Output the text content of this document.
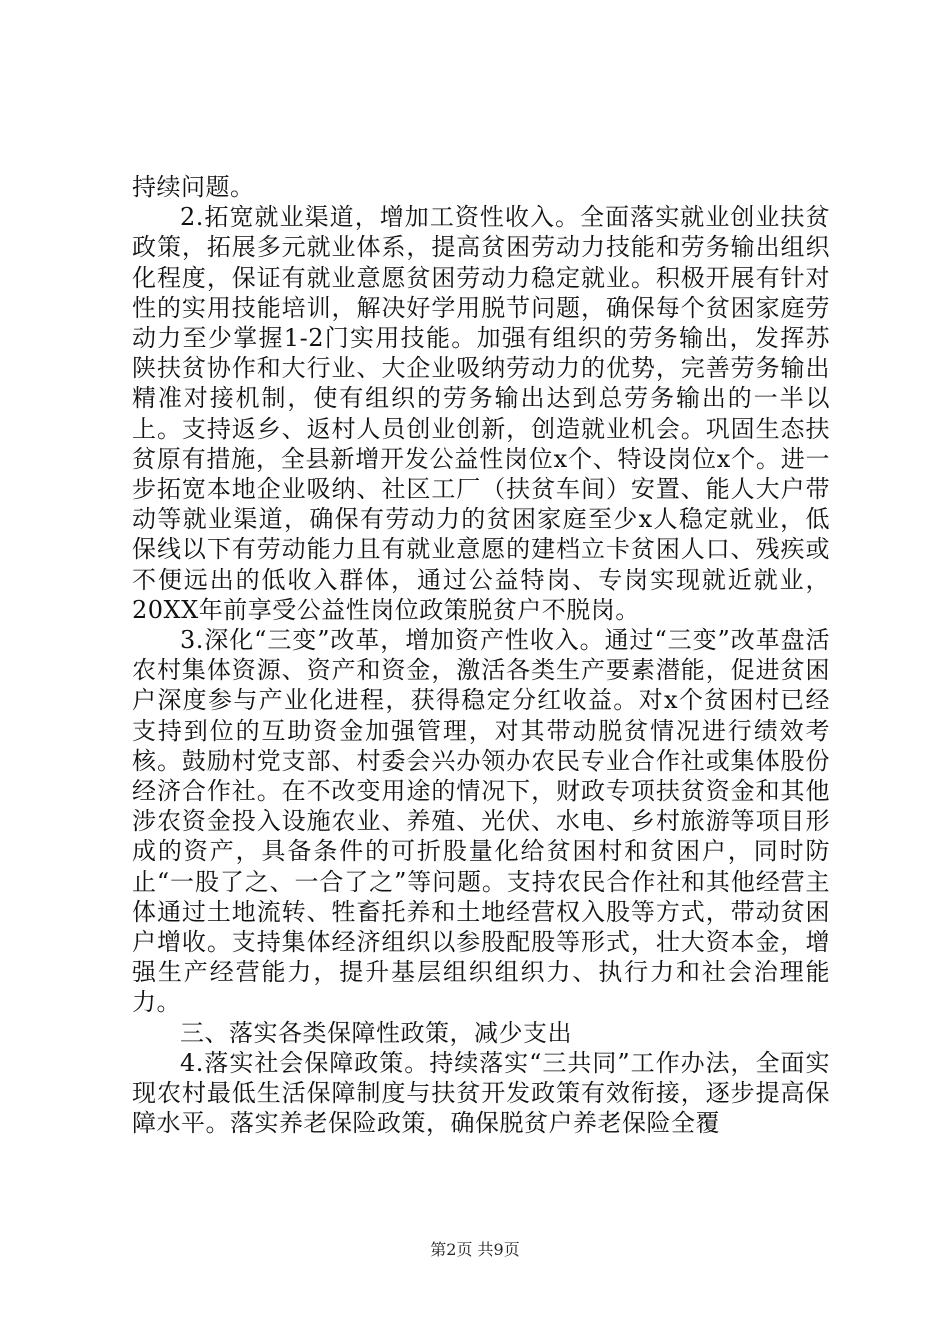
持续问题。

2.拓宽就业渠道，增加工资性收入。全面落实就业创业扶贫政策，拓展多元就业体系，提高贫困劳动力技能和劳务输出组织化程度，保证有就业意愿贫困劳动力稳定就业。积极开展有针对性的实用技能培训，解决好学用脱节问题，确保每个贫困家庭劳动力至少掌握1-2门实用技能。加强有组织的劳务输出，发挥苏陕扶贫协作和大行业、大企业吸纳劳动力的优势，完善劳务输出精准对接机制，使有组织的劳务输出达到总劳务输出的一半以上。支持返乡、返村人员创业创新，创造就业机会。巩固生态扶贫原有措施，全县新增开发公益性岗位x个、特设岗位x个。进一步拓宽本地企业吸纳、社区工厂（扶贫车间）安置、能人大户带动等就业渠道，确保有劳动力的贫困家庭至少x人稳定就业，低保线以下有劳动能力且有就业意愿的建档立卡贫困人口、残疾或不便远出的低收入群体，通过公益特岗、专岗实现就近就业，20XX年前享受公益性岗位政策脱贫户不脱岗。

3.深化“三变”改革，增加资产性收入。通过“三变”改革盘活农村集体资源、资产和资金，激活各类生产要素潜能，促进贫困户深度参与产业化进程，获得稳定分红收益。对x个贫困村已经支持到位的互助资金加强管理，对其带动脱贫情况进行绩效考核。鼓励村党支部、村委会兴办领办农民专业合作社或集体股份经济合作社。在不改变用途的情况下，财政专项扶贫资金和其他涉农资金投入设施农业、养殖、光伏、水电、乡村旅游等项目形成的资产，具备条件的可折股量化给贫困村和贫困户，同时防止“一股了之、一合了之”等问题。支持农民合作社和其他经营主体通过土地流转、牲畜托养和土地经营权入股等方式，带动贫困户增收。支持集体经济组织以参股配股等形式，壮大资本金，增强生产经营能力，提升基层组织组织力、执行力和社会治理能力。

三、落实各类保障性政策，减少支出

4.落实社会保障政策。持续落实“三共同”工作办法，全面实现农村最低生活保障制度与扶贫开发政策有效衔接，逐步提高保障水平。落实养老保险政策，确保脱贫户养老保险全覆

第2页 共9页
